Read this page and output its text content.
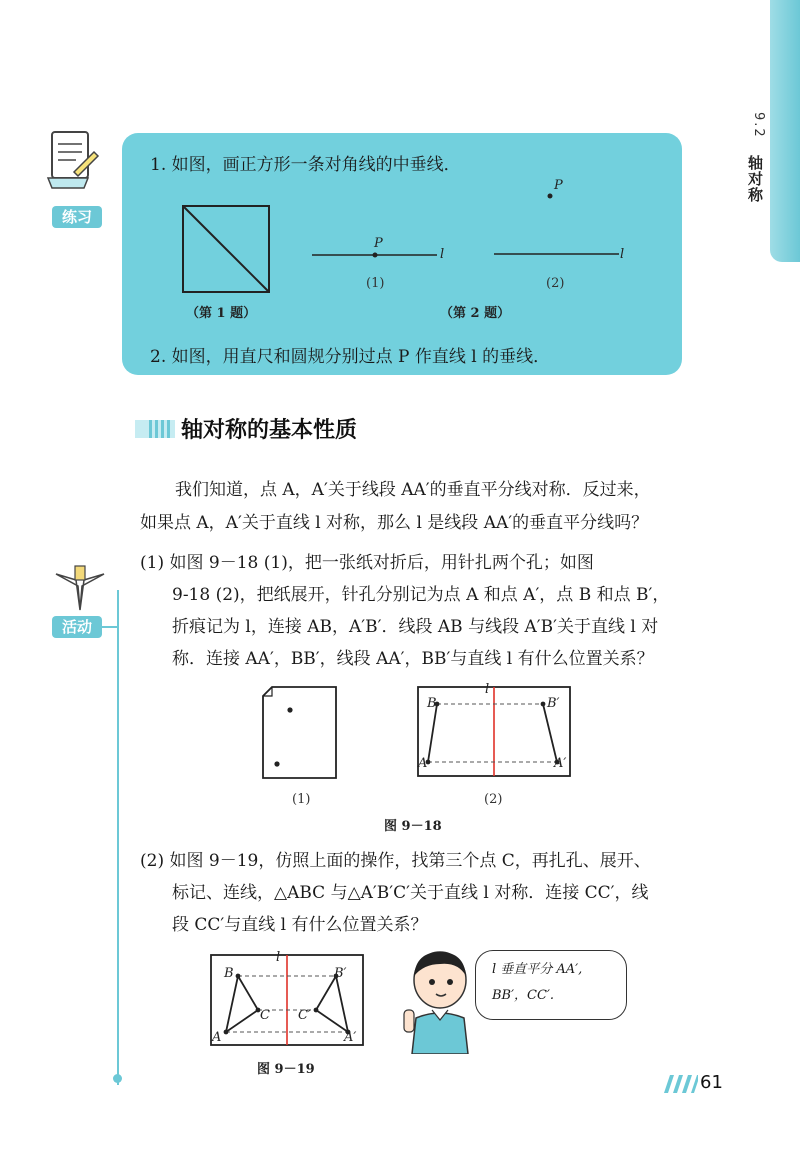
9.2
轴对称
练习
1. 如图，画正方形一条对角线的中垂线．
（第 1 题）
P
l
(1)
P
l
(2)
（第 2 题）
2. 如图，用直尺和圆规分别过点 P 作直线 l 的垂线．
轴对称的基本性质
我们知道，点 A，A′关于线段 AA′的垂直平分线对称．反过来，
如果点 A，A′关于直线 l 对称，那么 l 是线段 AA′的垂直平分线吗？
活动
(1) 如图 9－18 (1)，把一张纸对折后，用针扎两个孔；如图
9-18 (2)，把纸展开，针孔分别记为点 A 和点 A′，点 B 和点 B′，
折痕记为 l，连接 AB，A′B′．线段 AB 与线段 A′B′关于直线 l 对
称．连接 AA′，BB′，线段 AA′，BB′与直线 l 有什么位置关系？
(1)
l
B	B′
A	A′
(2)
图 9－18
(2) 如图 9－19，仿照上面的操作，找第三个点 C，再扎孔、展开、
标记、连线，△ABC 与△A′B′C′关于直线 l 对称．连接 CC′，线
段 CC′与直线 l 有什么位置关系？
l
B	B′
C C′
A	A′
图 9－19
l 垂直平分 AA′,
BB′，CC′.
61
